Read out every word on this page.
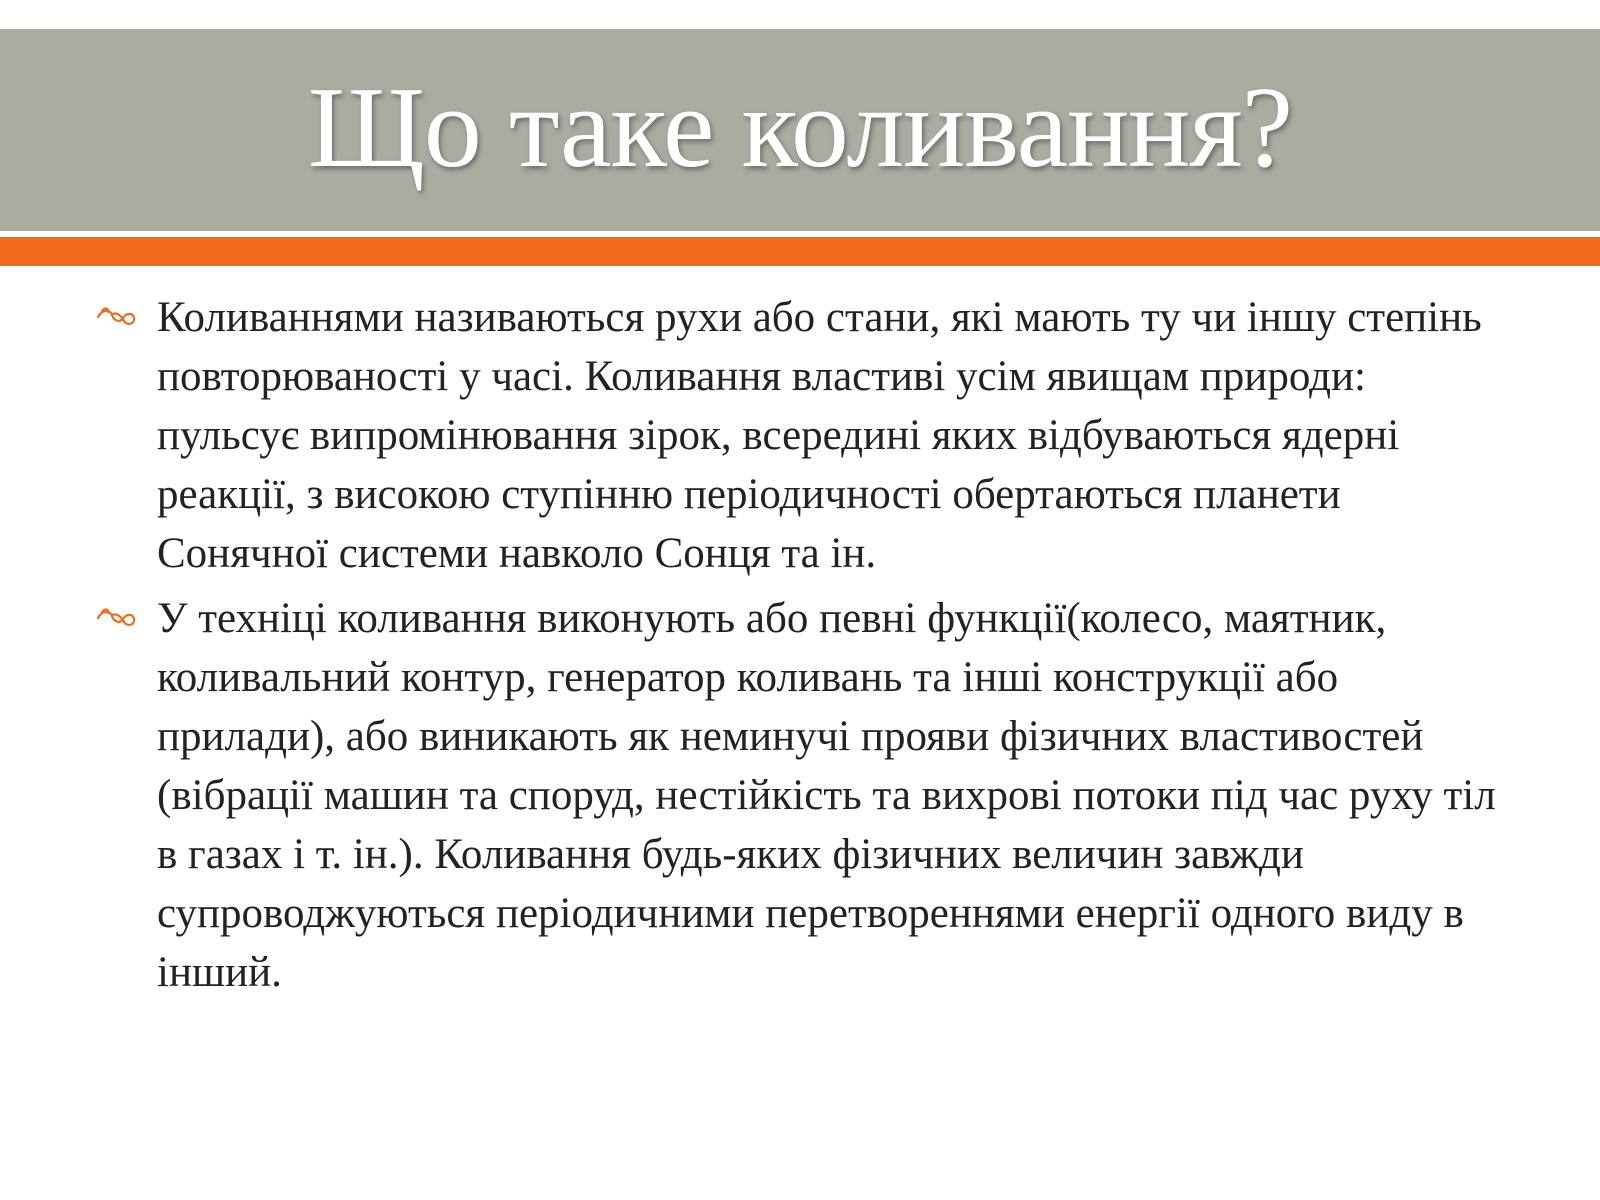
Що таке коливання?
Коливаннями називаються рухи або стани, які мають ту чи іншу степінь повторюваності у часі. Коливання властиві усім явищам природи: пульсує випромінювання зірок, всередині яких відбуваються ядерні реакції, з високою ступінню періодичності обертаються планети Сонячної системи навколо Сонця та ін.
У техніці коливання виконують або певні функції(колесо, маятник, коливальний контур, генератор коливань та інші конструкції або прилади), або виникають як неминучі прояви фізичних властивостей (вібрації машин та споруд, нестійкість та вихрові потоки під час руху тіл в газах і т. ін.). Коливання будь-яких фізичних величин завжди супроводжуються періодичними перетвореннями енергії одного виду в інший.
